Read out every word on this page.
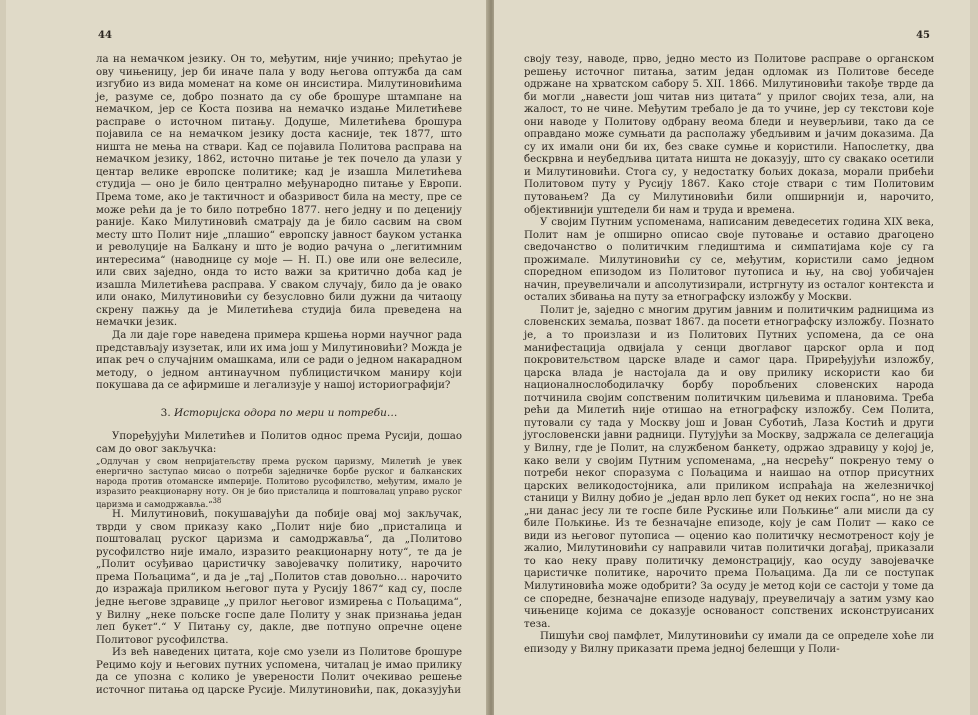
44

ла на немачком језику. Он то, међутим, није учинио; прећутао је ову чињеницу, јер би иначе пала у воду његова оптужба да сам изгубио из вида моменат на коме он инсистира. Милутиновићима је, разуме се, добро познато да су обе брошуре штампане на немачком, јер се Коста позива на немачко издање Милетићеве расправе о источном питању. Додуше, Милетићева брошура појавила се на немачком језику доста касније, тек 1877, што ништа не мења на ствари. Кад се појавила Политова расправа на немачком језику, 1862, источно питање је тек почело да улази у центар велике европске политике; кад је изашла Милетићева студија — оно је било централно међународно питање у Европи. Према томе, ако је тактичност и обазривост била на месту, пре се може рећи да је то било потребно 1877. него једну и по деценију раније. Како Милутиновић сматрају да је било сасвим на свом месту што Полит није „плашио“ европску јавност бауком устанка и револуције на Балкану и што је водио рачуна о „легитимним интересима“ (наводнице су моје — Н. П.) ове или оне велесиле, или свих заједно, онда то исто важи за критично доба кад је изашла Милетићева расправа. У сваком случају, било да је овако или онако, Милутиновићи су безусловно били дужни да читаоцу скрену пажњу да је Милетићева студија била преведена на немачки језик.

Да ли даје горе наведена примера кршења норми научног рада представљају изузетак, или их има још у Милутиновићи? Можда је ипак реч о случајним омашкама, или се ради о једном накарадном методу, о једном антинаучном публицистичком маниру који покушава да се афирмише и легализује у нашој историографији?

3. Историјска одора по мери и потреби…

Упоређујући Милетићев и Политов однос према Русији, дошао сам до овог закључка:

„Одлучан у свом непријатељству према руском царизму, Милетић је увек енергично заступао мисао о потреби заједничке борбе руског и балканских народа против отоманске империје. Политово русофилство, међутим, имало је изразито реакционарну ноту. Он је био присталица и поштовалац управо руског царизма и самодржавља.“$^{38}$

Н. Милутиновић, покушавајући да побије овај мој закључак, тврди у свом приказу како „Полит није био „присталица и поштовалац руског царизма и самодржавља“, да „Политово русофилство није имало, изразито реакционарну ноту“, те да је „Полит осуђивао царистичку завојевачку политику, нарочито према Пољацима“, и да је „тај „Политов став довољно… нарочито до изражаја приликом његовог пута у Русију 1867“ кад су, после једне његове здравице „у прилог његовог измирења с Пољацима“, у Вилну „неке пољске госпе дале Политу у знак признања један леп букет“.“ У Питању су, дакле, две потпуно опречне оцене Политовог русофилства.

Из већ наведених цитата, које смо узели из Политове брошуре Рецимо коју и његових путних успомена, читалац је имао прилику да се упозна с колико је уверености Полит очекивао решење источног питања од царске Русије. Милутиновићи, пак, доказујући

45

своју тезу, наводе, прво, једно место из Политове расправе о органском решењу источног питања, затим један одломак из Политове беседе одржане на хрватском сабору 5. XII. 1866. Милутиновићи такође тврде да би могли „навести још читав низ цитата“ у прилог својих теза, али, на жалост, то не чине. Међутим требало је да то учине, јер су текстови које они наводе у Политову одбрану веома бледи и неуверљиви, тако да се оправдано може сумњати да располажу убедљивим и јачим доказима. Да су их имали они би их, без сваке сумње и користили. Напослетку, два бескрвна и неубедљива цитата ништа не доказују, што су свакако осетили и Милутиновићи. Стога су, у недостатку бољих доказа, морали прибећи Политовом путу у Русију 1867. Како стоје ствари с тим Политовим путовањем? Да су Милутиновићи били опширнији и, нарочито, објективнији уштедели би нам и труда и времена.

У својим Путним успоменама, написаним деведесетих година XIX века, Полит нам је опширно описао своје путовање и оставио драгоцено сведочанство о политичким гледиштима и симпатијама које су га прожимале. Милутиновићи су се, међутим, користили само једном споредном епизодом из Политовог путописа и њу, на свој уобичајен начин, преувеличали и апсолутизирали, истргнуту из осталог контекста и осталих збивања на путу за етнографску изложбу у Москви.

Полит је, заједно с многим другим јавним и политичким радницима из словенских земаља, позват 1867. да посети етнографску изложбу. Познато је, а то произлази и из Политових Путних успомена, да се она манифестација одвијала у сенци двоглавог царског орла и под покровитељством царске владе и самог цара. Приређујући изложбу, царска влада је настојала да и ову прилику искористи као би националнослободилачку борбу поробљених словенских народа потчинила својим сопственим политичким циљевима и плановима. Треба рећи да Милетић није отишао на етнографску изложбу. Сем Полита, путовали су тада у Москву још и Јован Суботић, Лаза Костић и други југословенски јавни радници. Путујући за Москву, задржала се делегација у Вилну, где је Полит, на службеном банкету, одржао здравицу у којој је, како вели у својим Путним успоменама, „на несрећу“ покренуо тему о потреби неког споразума с Пољацима и наишао на отпор присутних царских великодостојника, али приликом испраћаја на железничкој станици у Вилну добио је „један врло леп букет од неких госпа“, но не зна „ни данас јесу ли те госпе биле Рускиње или Пољкиње“ али мисли да су биле Пољкиње. Из те безначајне епизоде, коју је сам Полит — како се види из његовог путописа — оценио као политичку несмотреност коју је жалио, Милутиновићи су направили читав политички догађај, приказали то као неку праву политичку демонстрацију, као осуду завојевачке царистичке политике, нарочито према Пољацима. Да ли се поступак Милутиновића може одобрити? За осуду је метод који се састоји у томе да се споредне, безначајне епизоде надувају, преувеличају а затим узму као чињенице којима се доказује основаност сопствених исконструисаних теза.

Пишући свој памфлет, Милутиновићи су имали да се определе хоће ли епизоду у Вилну приказати према једној белешци у Поли-
